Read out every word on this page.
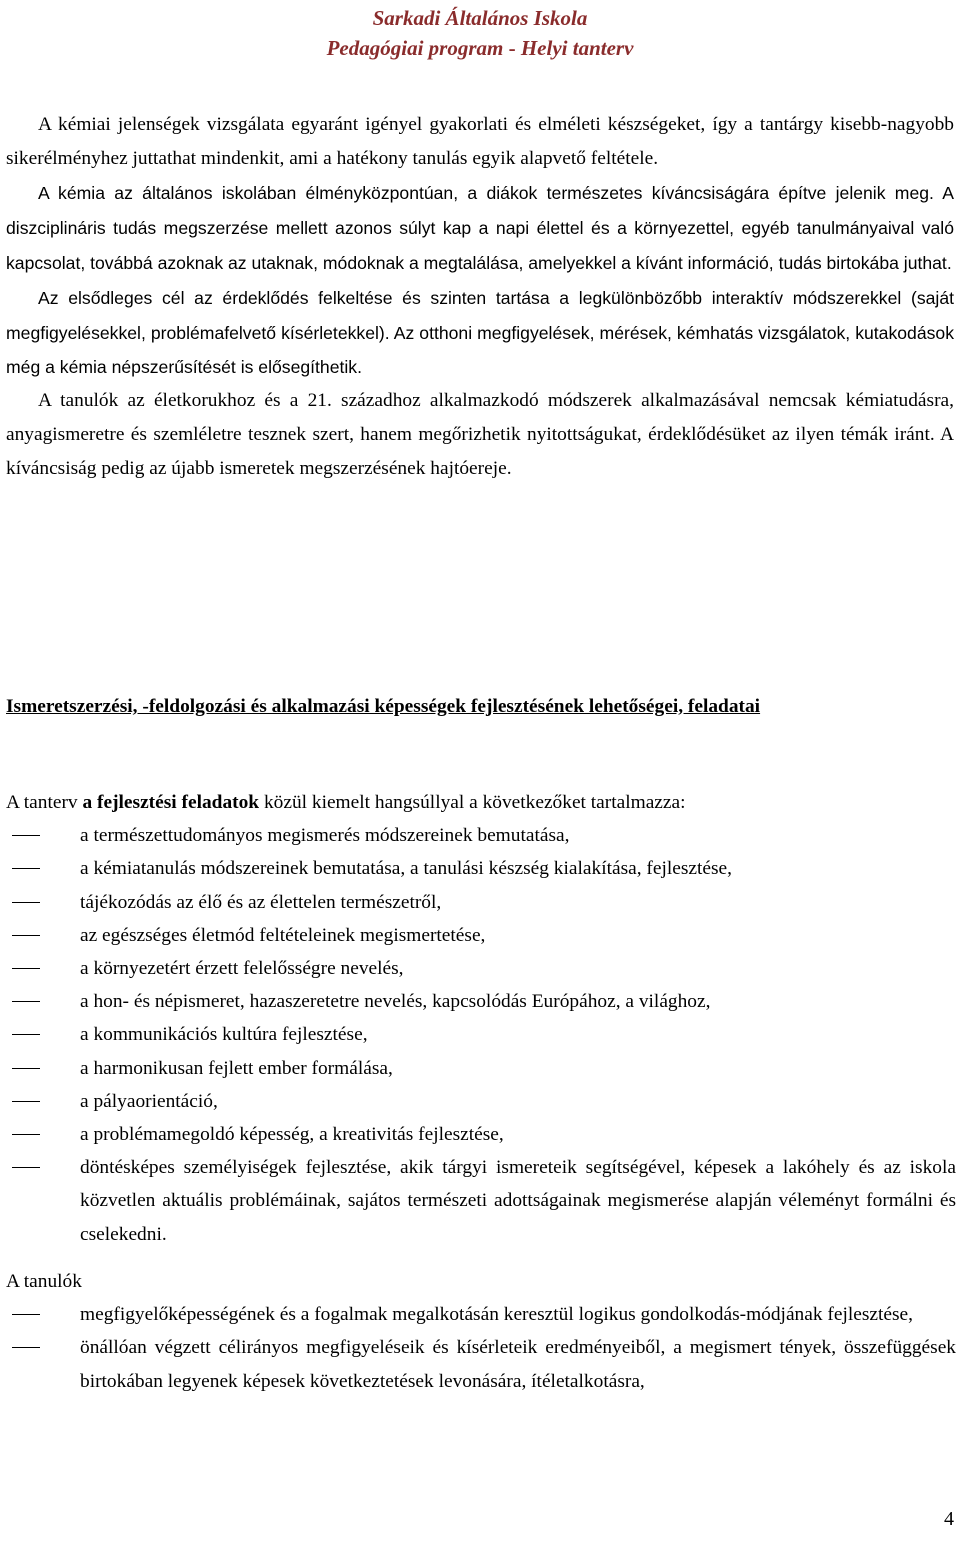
Sarkadi Általános Iskola
Pedagógiai program - Helyi tanterv

A kémiai jelenségek vizsgálata egyaránt igényel gyakorlati és elméleti készségeket, így a tantárgy kisebb-nagyobb sikerélményhez juttathat mindenkit, ami a hatékony tanulás egyik alapvető feltétele.

A kémia az általános iskolában élményközpontúan, a diákok természetes kíváncsiságára építve jelenik meg. A diszciplináris tudás megszerzése mellett azonos súlyt kap a napi élettel és a környezettel, egyéb tanulmányaival való kapcsolat, továbbá azoknak az utaknak, módoknak a megtalálása, amelyekkel a kívánt információ, tudás birtokába juthat.

Az elsődleges cél az érdeklődés felkeltése és szinten tartása a legkülönbözőbb interaktív módszerekkel (saját megfigyelésekkel, problémafelvető kísérletekkel). Az otthoni megfigyelések, mérések, kémhatás vizsgálatok, kutakodások még a kémia népszerűsítését is elősegíthetik.

A tanulók az életkorukhoz és a 21. századhoz alkalmazkodó módszerek alkalmazásával nemcsak kémiatudásra, anyagismeretre és szemléletre tesznek szert, hanem megőrizhetik nyitottságukat, érdeklődésüket az ilyen témák iránt. A kíváncsiság pedig az újabb ismeretek megszerzésének hajtóereje.

Ismeretszerzési, -feldolgozási és alkalmazási képességek fejlesztésének lehetőségei, feladatai

A tanterv a fejlesztési feladatok közül kiemelt hangsúllyal a következőket tartalmazza:

a természettudományos megismerés módszereinek bemutatása,
a kémiatanulás módszereinek bemutatása, a tanulási készség kialakítása, fejlesztése,
tájékozódás az élő és az élettelen természetről,
az egészséges életmód feltételeinek megismertetése,
a környezetért érzett felelősségre nevelés,
a hon- és népismeret, hazaszeretetre nevelés, kapcsolódás Európához, a világhoz,
a kommunikációs kultúra fejlesztése,
a harmonikusan fejlett ember formálása,
a pályaorientáció,
a problémamegoldó képesség, a kreativitás fejlesztése,
döntésképes személyiségek fejlesztése, akik tárgyi ismereteik segítségével, képesek a lakóhely és az iskola közvetlen aktuális problémáinak, sajátos természeti adottságainak megismerése alapján véleményt formálni és cselekedni.

A tanulók

megfigyelőképességének és a fogalmak megalkotásán keresztül logikus gondolkodás-módjának fejlesztése,
önállóan végzett célirányos megfigyeléseik és kísérleteik eredményeiből, a megismert tények, összefüggések birtokában legyenek képesek következtetések levonására, ítéletalkotásra,
4
